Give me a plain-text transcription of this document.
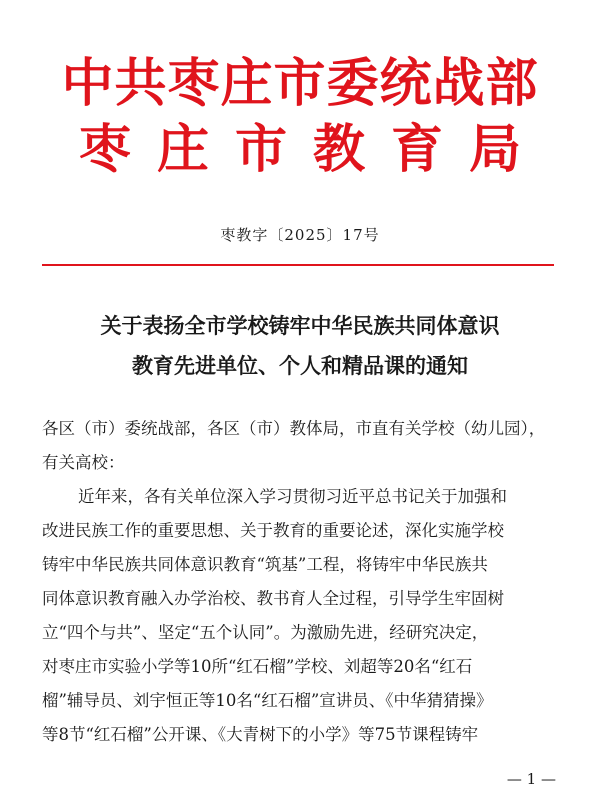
中共枣庄市委统战部
枣庄市教育局
枣教字〔2025〕17号
关于表扬全市学校铸牢中华民族共同体意识
教育先进单位、个人和精品课的通知
各区（市）委统战部，各区（市）教体局，市直有关学校（幼儿园），
有关高校：
近年来，各有关单位深入学习贯彻习近平总书记关于加强和
改进民族工作的重要思想、关于教育的重要论述，深化实施学校
铸牢中华民族共同体意识教育“筑基”工程，将铸牢中华民族共
同体意识教育融入办学治校、教书育人全过程，引导学生牢固树
立“四个与共”、坚定“五个认同”。为激励先进，经研究决定，
对枣庄市实验小学等10所“红石榴”学校、刘超等20名“红石
榴”辅导员、刘宇恒正等10名“红石榴”宣讲员、《中华猜猜操》
等8节“红石榴”公开课、《大青树下的小学》等75节课程铸牢
— 1 —
